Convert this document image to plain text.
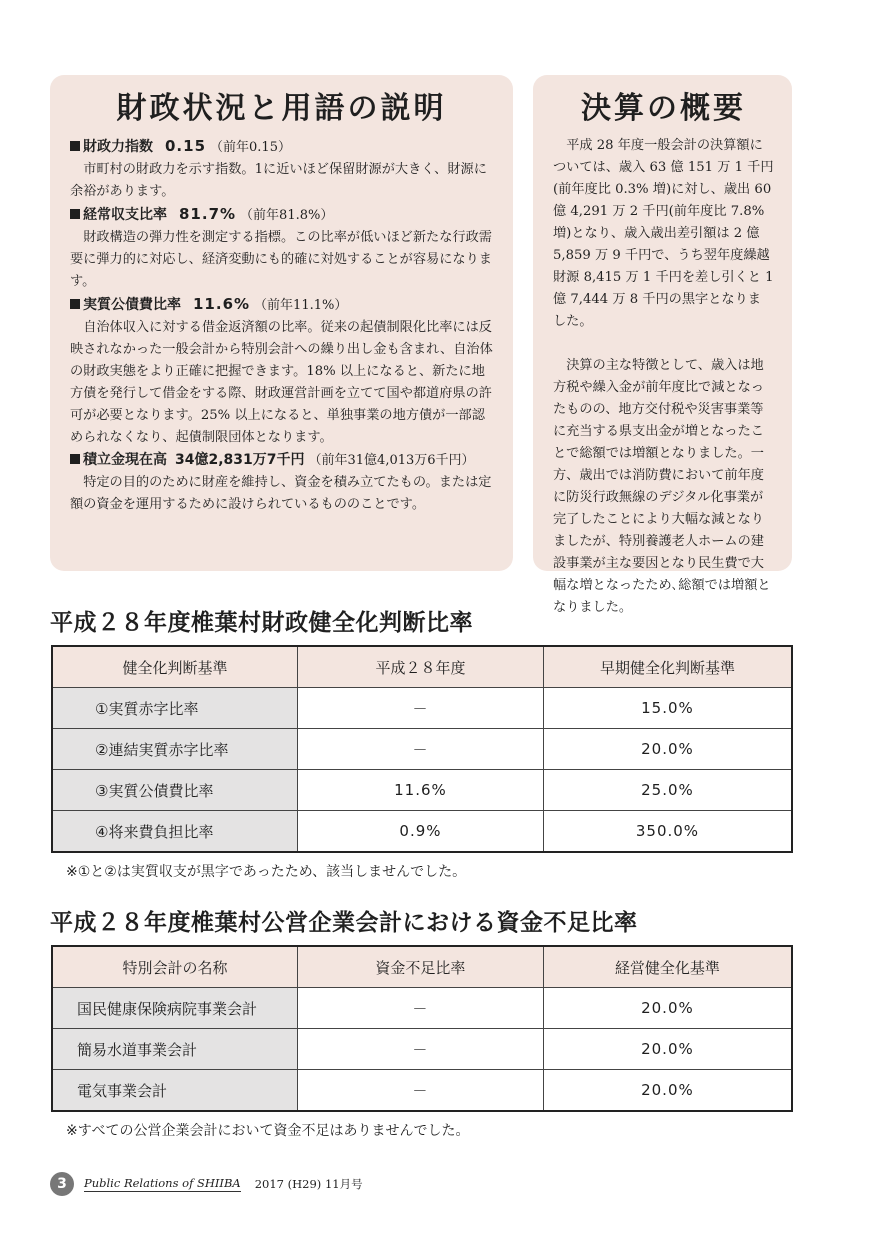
財政状況と用語の説明

財政力指数 0.15 （前年0.15）

市町村の財政力を示す指数。1に近いほど保留財源が大きく、財源に余裕があります。

経常収支比率 81.7% （前年81.8%）

財政構造の弾力性を測定する指標。この比率が低いほど新たな行政需要に弾力的に対応し、経済変動にも的確に対処することが容易になります。

実質公債費比率 11.6% （前年11.1%）

自治体収入に対する借金返済額の比率。従来の起債制限化比率には反映されなかった一般会計から特別会計への繰り出し金も含まれ、自治体の財政実態をより正確に把握できます。18% 以上になると、新たに地方債を発行して借金をする際、財政運営計画を立てて国や都道府県の許可が必要となります。25% 以上になると、単独事業の地方債が一部認められなくなり、起債制限団体となります。

積立金現在高 34億2,831万7千円 （前年31億4,013万6千円）

特定の目的のために財産を維持し、資金を積み立てたもの。または定額の資金を運用するために設けられているもののことです。

決算の概要

平成 28 年度一般会計の決算額については、歳入 63 億 151 万 1 千円(前年度比 0.3% 増)に対し、歳出 60 億 4,291 万 2 千円(前年度比 7.8% 増)となり、歳入歳出差引額は 2 億 5,859 万 9 千円で、うち翌年度繰越財源 8,415 万 1 千円を差し引くと 1 億 7,444 万 8 千円の黒字となりました。

決算の主な特徴として、歳入は地方税や繰入金が前年度比で減となったものの、地方交付税や災害事業等に充当する県支出金が増となったことで総額では増額となりました。一方、歳出では消防費において前年度に防災行政無線のデジタル化事業が完了したことにより大幅な減となりましたが、特別養護老人ホームの建設事業が主な要因となり民生費で大幅な増となったため､総額では増額となりました。

平成２８年度椎葉村財政健全化判断比率
健全化判断基準	平成２８年度	早期健全化判断基準
①実質赤字比率	－	15.0%
②連結実質赤字比率	－	20.0%
③実質公債費比率	11.6%	25.0%
④将来費負担比率	0.9%	350.0%

※①と②は実質収支が黒字であったため、該当しませんでした。

平成２８年度椎葉村公営企業会計における資金不足比率
特別会計の名称	資金不足比率	経営健全化基準
国民健康保険病院事業会計	－	20.0%
簡易水道事業会計	－	20.0%
電気事業会計	－	20.0%

※すべての公営企業会計において資金不足はありませんでした。

3	Public Relations of SHIIBA 2017 (H29) 11月号
